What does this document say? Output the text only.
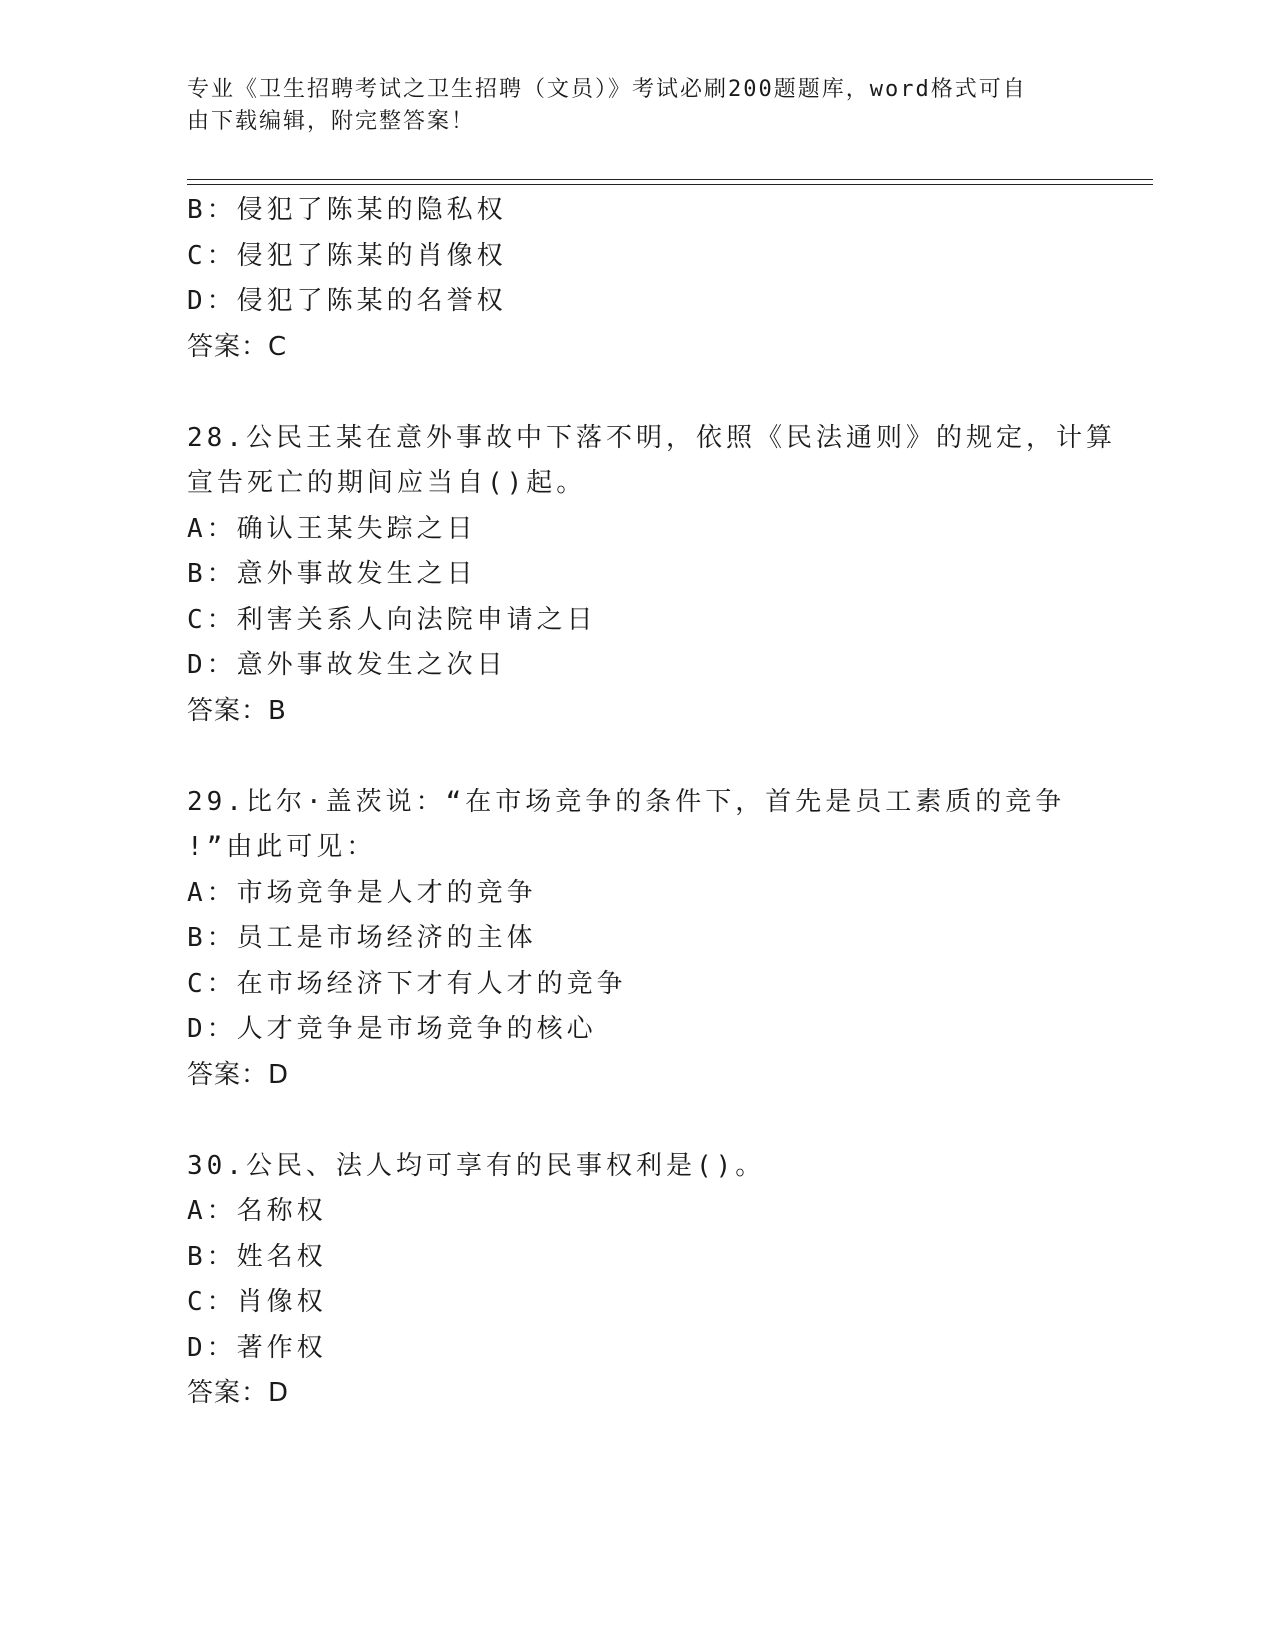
专业《卫生招聘考试之卫生招聘（文员）》考试必刷200题题库，word格式可自
由下载编辑，附完整答案！
B：侵犯了陈某的隐私权
C：侵犯了陈某的肖像权
D：侵犯了陈某的名誉权
答案：C
28.公民王某在意外事故中下落不明，依照《民法通则》的规定，计算
宣告死亡的期间应当自()起。
A：确认王某失踪之日
B：意外事故发生之日
C：利害关系人向法院申请之日
D：意外事故发生之次日
答案：B
29.比尔·盖茨说：“在市场竞争的条件下，首先是员工素质的竞争
!”由此可见：
A：市场竞争是人才的竞争
B：员工是市场经济的主体
C：在市场经济下才有人才的竞争
D：人才竞争是市场竞争的核心
答案：D
30.公民、法人均可享有的民事权利是()。
A：名称权
B：姓名权
C：肖像权
D：著作权
答案：D
